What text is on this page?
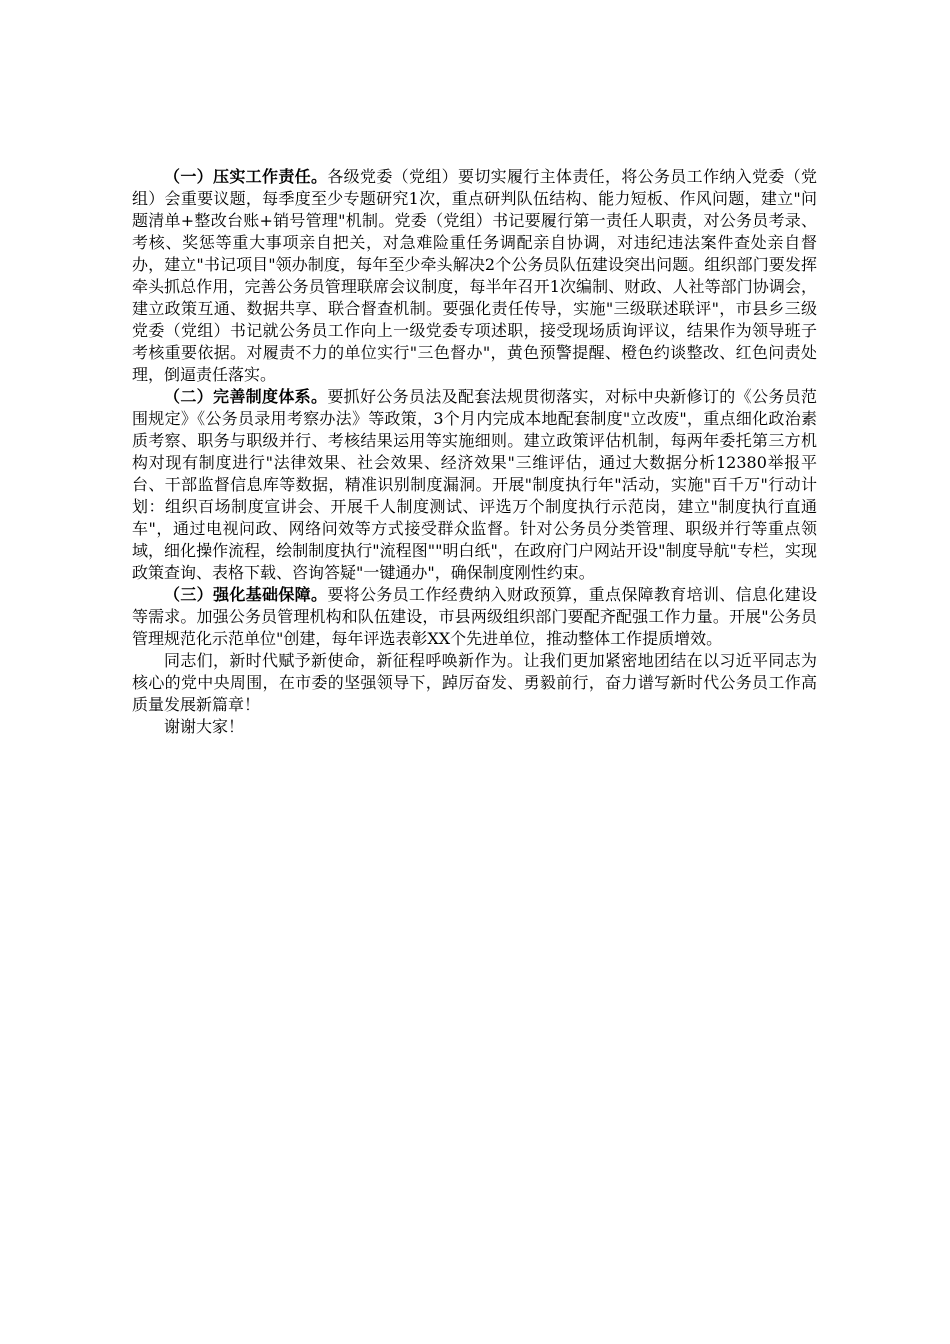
（一）压实工作责任。各级党委（党组）要切实履行主体责任，将公务员工作纳入党委（党组）会重要议题，每季度至少专题研究1次，重点研判队伍结构、能力短板、作风问题，建立"问题清单+整改台账+销号管理"机制。党委（党组）书记要履行第一责任人职责，对公务员考录、考核、奖惩等重大事项亲自把关，对急难险重任务调配亲自协调，对违纪违法案件查处亲自督办，建立"书记项目"领办制度，每年至少牵头解决2个公务员队伍建设突出问题。组织部门要发挥牵头抓总作用，完善公务员管理联席会议制度，每半年召开1次编制、财政、人社等部门协调会，建立政策互通、数据共享、联合督查机制。要强化责任传导，实施"三级联述联评"，市县乡三级党委（党组）书记就公务员工作向上一级党委专项述职，接受现场质询评议，结果作为领导班子考核重要依据。对履责不力的单位实行"三色督办"，黄色预警提醒、橙色约谈整改、红色问责处理，倒逼责任落实。

（二）完善制度体系。要抓好公务员法及配套法规贯彻落实，对标中央新修订的《公务员范围规定》《公务员录用考察办法》等政策，3个月内完成本地配套制度"立改废"，重点细化政治素质考察、职务与职级并行、考核结果运用等实施细则。建立政策评估机制，每两年委托第三方机构对现有制度进行"法律效果、社会效果、经济效果"三维评估，通过大数据分析12380举报平台、干部监督信息库等数据，精准识别制度漏洞。开展"制度执行年"活动，实施"百千万"行动计划：组织百场制度宣讲会、开展千人制度测试、评选万个制度执行示范岗，建立"制度执行直通车"，通过电视问政、网络问效等方式接受群众监督。针对公务员分类管理、职级并行等重点领域，细化操作流程，绘制制度执行"流程图""明白纸"，在政府门户网站开设"制度导航"专栏，实现政策查询、表格下载、咨询答疑"一键通办"，确保制度刚性约束。

（三）强化基础保障。要将公务员工作经费纳入财政预算，重点保障教育培训、信息化建设等需求。加强公务员管理机构和队伍建设，市县两级组织部门要配齐配强工作力量。开展"公务员管理规范化示范单位"创建，每年评选表彰XX个先进单位，推动整体工作提质增效。

同志们，新时代赋予新使命，新征程呼唤新作为。让我们更加紧密地团结在以习近平同志为核心的党中央周围，在市委的坚强领导下，踔厉奋发、勇毅前行，奋力谱写新时代公务员工作高质量发展新篇章！

谢谢大家！
